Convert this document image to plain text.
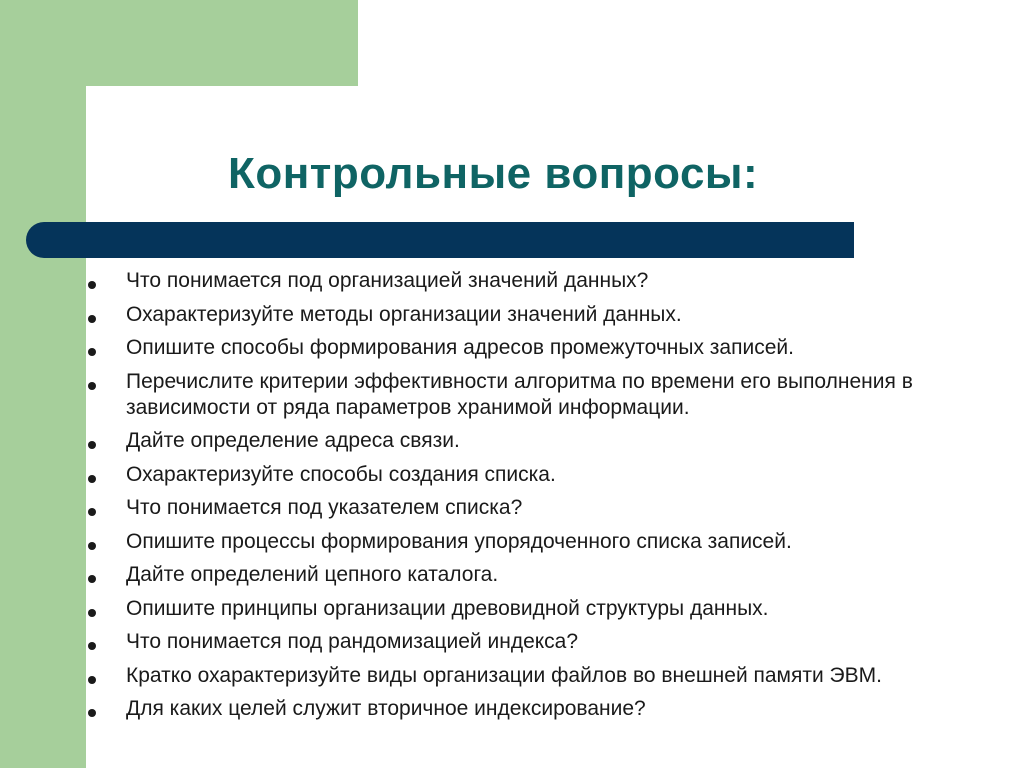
Контрольные вопросы:
Что понимается под организацией значений данных?
Охарактеризуйте методы организации значений данных.
Опишите способы формирования адресов промежуточных записей.
Перечислите критерии эффективности алгоритма по времени его выполнения в зависимости от ряда параметров хранимой информации.
Дайте определение адреса связи.
Охарактеризуйте способы создания списка.
Что понимается под указателем списка?
Опишите процессы формирования упорядоченного списка записей.
Дайте определений цепного каталога.
Опишите принципы организации древовидной структуры данных.
Что понимается под рандомизацией индекса?
Кратко охарактеризуйте виды организации файлов во внешней памяти ЭВМ.
Для каких целей служит вторичное индексирование?
